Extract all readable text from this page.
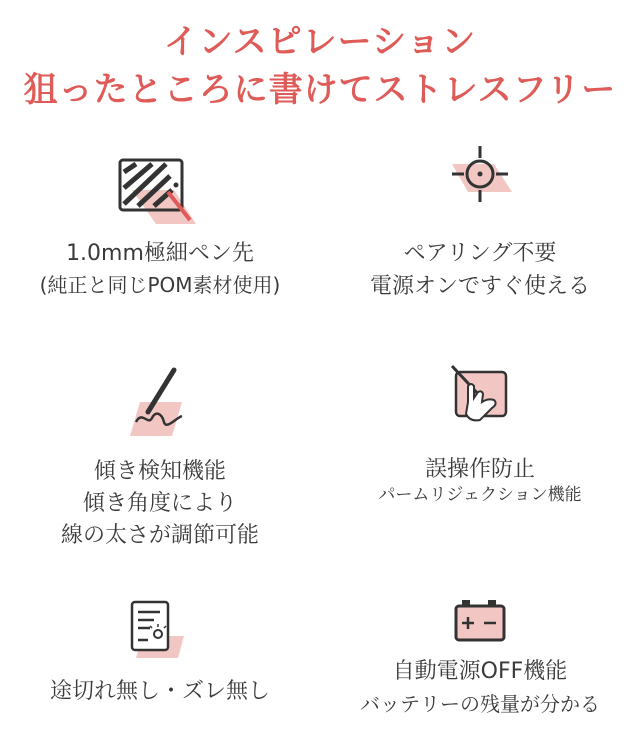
インスピレーション
狙ったところに書けてストレスフリー
1.0mm極細ペン先
(純正と同じPOM素材使用)
ペアリング不要
電源オンですぐ使える
傾き検知機能
傾き角度により
線の太さが調節可能
誤操作防止
パームリジェクション機能
途切れ無し・ズレ無し
自動電源OFF機能
バッテリーの残量が分かる
